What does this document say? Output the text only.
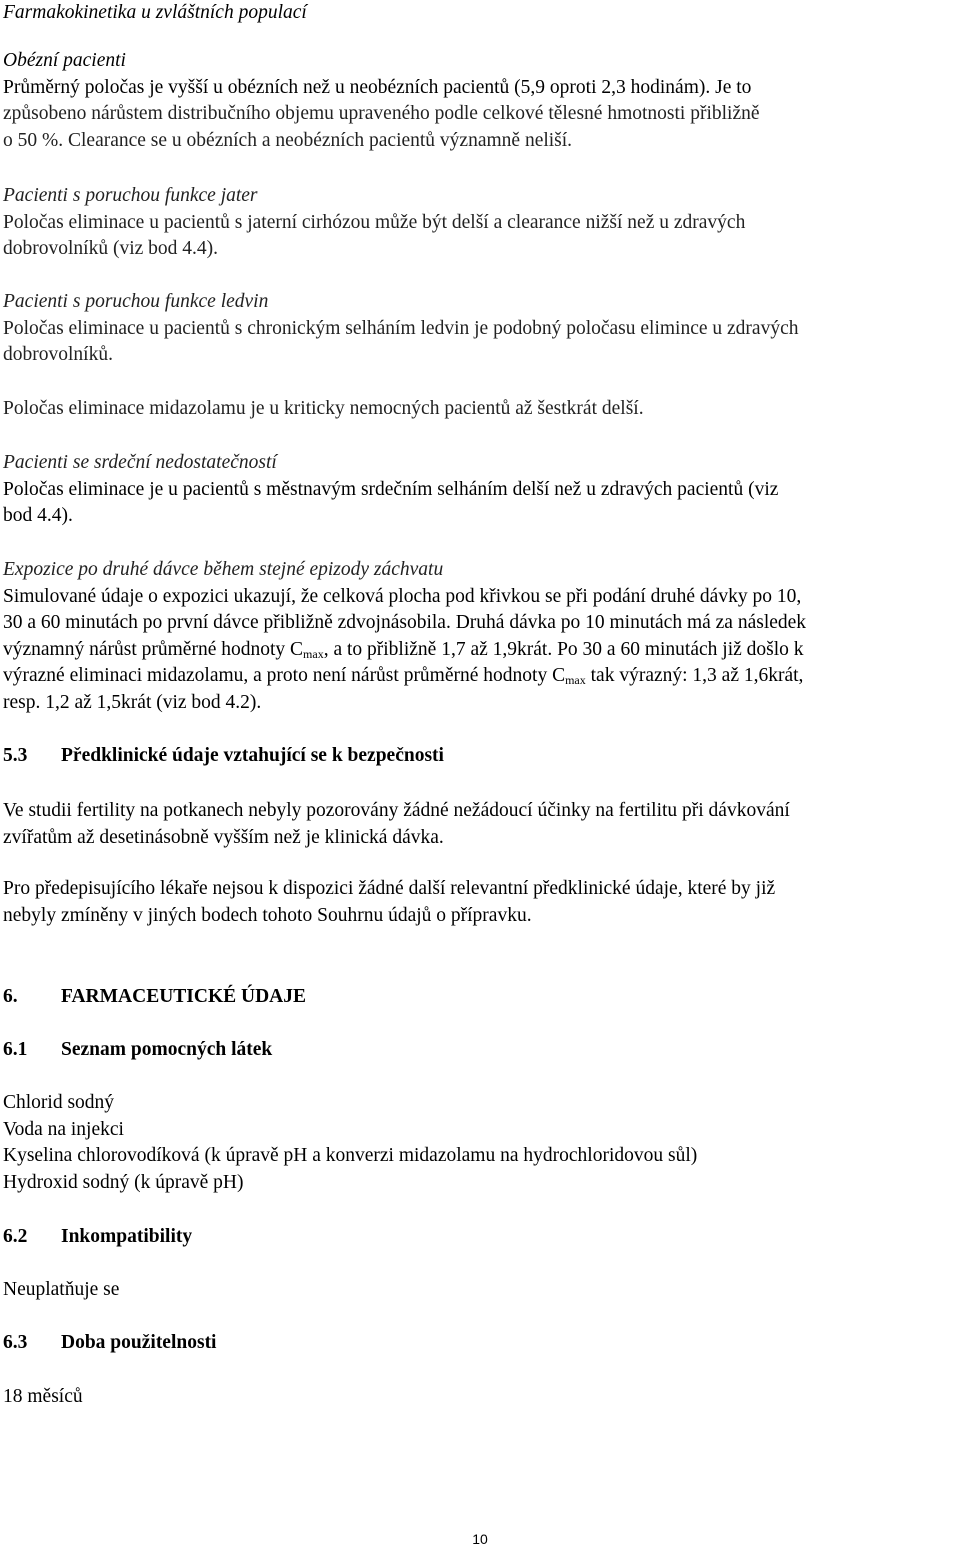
Farmakokinetika u zvláštních populací
Obézní pacienti
Průměrný poločas je vyšší u obézních než u neobézních pacientů (5,9 oproti 2,3 hodinám). Je to
způsobeno nárůstem distribučního objemu upraveného podle celkové tělesné hmotnosti přibližně
o 50 %. Clearance se u obézních a neobézních pacientů významně neliší.
Pacienti s poruchou funkce jater
Poločas eliminace u pacientů s jaterní cirhózou může být delší a clearance nižší než u zdravých
dobrovolníků (viz bod 4.4).
Pacienti s poruchou funkce ledvin
Poločas eliminace u pacientů s chronickým selháním ledvin je podobný poločasu elimince u zdravých
dobrovolníků.
Poločas eliminace midazolamu je u kriticky nemocných pacientů až šestkrát delší.
Pacienti se srdeční nedostatečností
Poločas eliminace je u pacientů s městnavým srdečním selháním delší než u zdravých pacientů (viz
bod 4.4).
Expozice po druhé dávce během stejné epizody záchvatu
Simulované údaje o expozici ukazují, že celková plocha pod křivkou se při podání druhé dávky po 10,
30 a 60 minutách po první dávce přibližně zdvojnásobila. Druhá dávka po 10 minutách má za následek
významný nárůst průměrné hodnoty $C_{max}$, a to přibližně 1,7 až 1,9krát. Po 30 a 60 minutách již došlo k
výrazné eliminaci midazolamu, a proto není nárůst průměrné hodnoty $C_{max}$ tak výrazný: 1,3 až 1,6krát,
resp. 1,2 až 1,5krát (viz bod 4.2).
5.3 Předklinické údaje vztahující se k bezpečnosti
Ve studii fertility na potkanech nebyly pozorovány žádné nežádoucí účinky na fertilitu při dávkování
zvířatům až desetinásobně vyšším než je klinická dávka.
Pro předepisujícího lékaře nejsou k dispozici žádné další relevantní předklinické údaje, které by již
nebyly zmíněny v jiných bodech tohoto Souhrnu údajů o přípravku.
6. FARMACEUTICKÉ ÚDAJE
6.1 Seznam pomocných látek
Chlorid sodný
Voda na injekci
Kyselina chlorovodíková (k úpravě pH a konverzi midazolamu na hydrochloridovou sůl)
Hydroxid sodný (k úpravě pH)
6.2 Inkompatibility
Neuplatňuje se
6.3 Doba použitelnosti
18 měsíců
10
